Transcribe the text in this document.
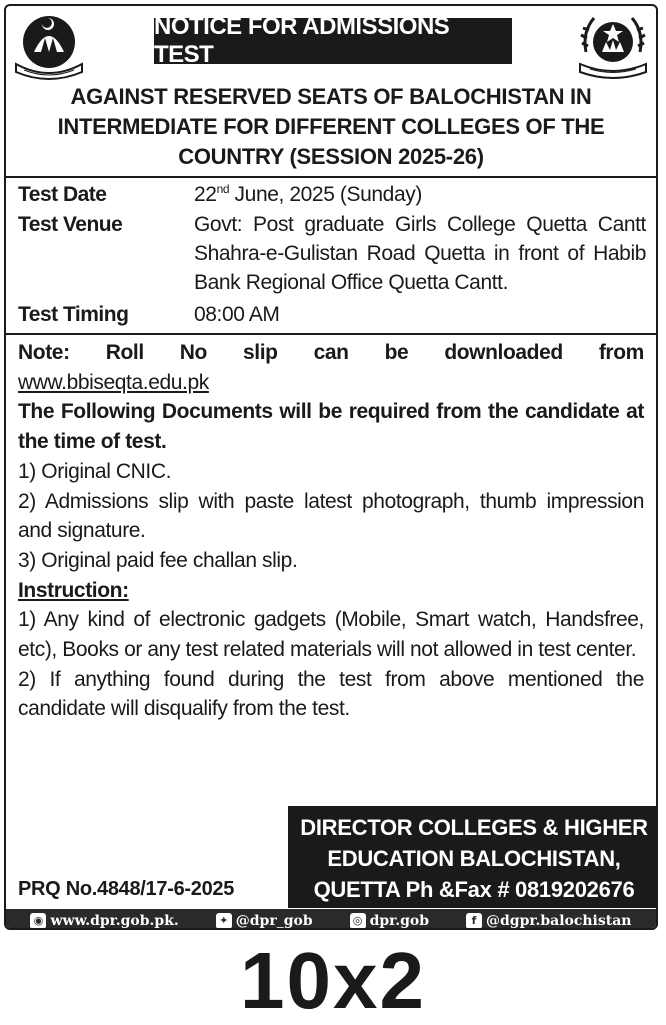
NOTICE FOR ADMISSIONS TEST
AGAINST RESERVED SEATS OF BALOCHISTAN IN INTERMEDIATE FOR DIFFERENT COLLEGES OF THE COUNTRY (SESSION 2025-26)
Test Date	22nd June, 2025 (Sunday)
Test Venue	Govt: Post graduate Girls College Quetta Cantt Shahra-e-Gulistan Road Quetta in front of Habib Bank Regional Office Quetta Cantt.
Test Timing	08:00 AM
Note: Roll No slip can be downloaded from

www.bbiseqta.edu.pk

The Following Documents will be required from the candidate at the time of test.

1) Original CNIC.

2) Admissions slip with paste latest photograph, thumb impression and signature.

3) Original paid fee challan slip.

Instruction:

1) Any kind of electronic gadgets (Mobile, Smart watch, Handsfree, etc), Books or any test related materials will not allowed in test center.

2) If anything found during the test from above mentioned the candidate will disqualify from the test.

DIRECTOR COLLEGES & HIGHER
EDUCATION BALOCHISTAN,
QUETTA Ph &Fax # 0819202676
PRQ No.4848/17-6-2025
◉ www.dpr.gob.pk.	✦ @dpr_gob	◎ dpr.gob	f @dgpr.balochistan
10x2
